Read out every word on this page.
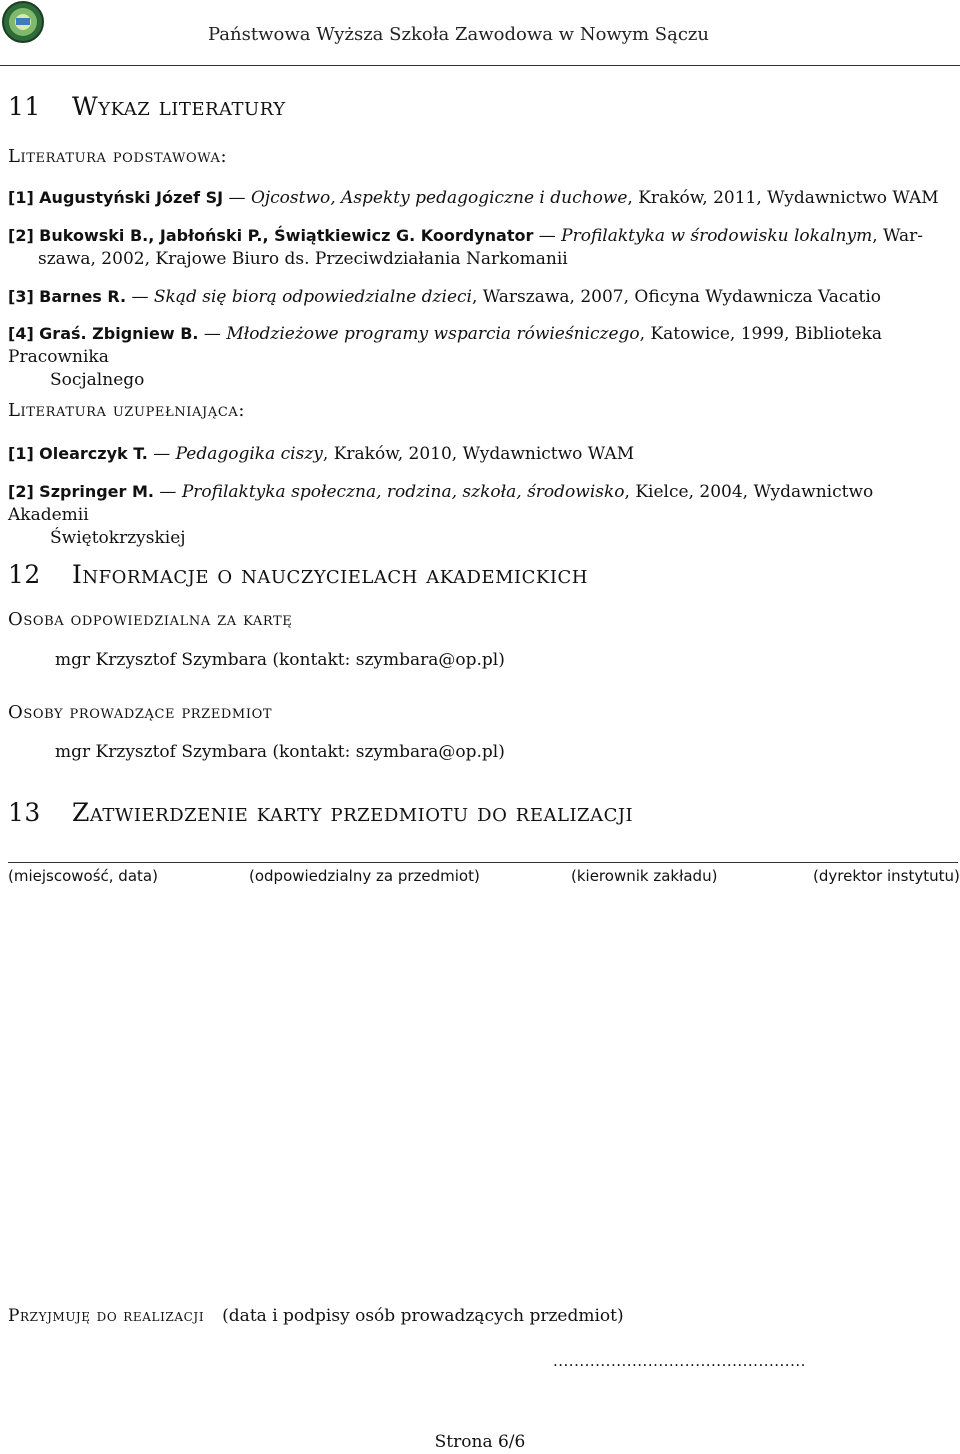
Państwowa Wyższa Szkoła Zawodowa w Nowym Sączu
11 Wykaz literatury
Literatura podstawowa:
[1] Augustyński Józef SJ — Ojcostwo, Aspekty pedagogiczne i duchowe, Kraków, 2011, Wydawnictwo WAM
[2] Bukowski B., Jabłoński P., Świątkiewicz G. Koordynator — Profilaktyka w środowisku lokalnym, War-
szawa, 2002, Krajowe Biuro ds. Przeciwdziałania Narkomanii
[3] Barnes R. — Skąd się biorą odpowiedzialne dzieci, Warszawa, 2007, Oficyna Wydawnicza Vacatio
[4] Graś. Zbigniew B. — Młodzieżowe programy wsparcia rówieśniczego, Katowice, 1999, Biblioteka Pracownika
Socjalnego
Literatura uzupełniająca:
[1] Olearczyk T. — Pedagogika ciszy, Kraków, 2010, Wydawnictwo WAM
[2] Szpringer M. — Profilaktyka społeczna, rodzina, szkoła, środowisko, Kielce, 2004, Wydawnictwo Akademii
Świętokrzyskiej
12 Informacje o nauczycielach akademickich
Osoba odpowiedzialna za kartę
mgr Krzysztof Szymbara (kontakt: szymbara@op.pl)
Osoby prowadzące przedmiot
mgr Krzysztof Szymbara (kontakt: szymbara@op.pl)
13 Zatwierdzenie karty przedmiotu do realizacji
(miejscowość, data)	(odpowiedzialny za przedmiot)	(kierownik zakładu)	(dyrektor instytutu)
Przyjmuję do realizacji (data i podpisy osób prowadzących przedmiot)
................................................
Strona 6/6
